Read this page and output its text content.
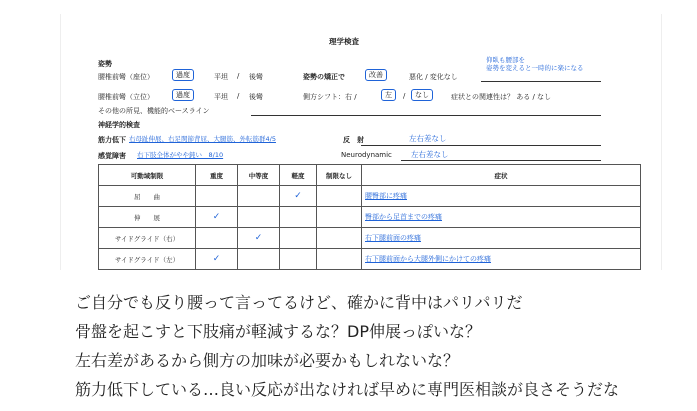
理学検査
姿勢	仰臥も腰部を
姿勢を変えると一時的に楽になる
腰椎前彎（座位）	過度	平坦 / 後彎	姿勢の矯正で	改善	悪化 / 変化なし
腰椎前彎（立位）	過度	平坦 / 後彎	側方シフト：右 /	左	/	なし	症状との関連性は？ ある / なし
その他の所見、機能的ベースライン
神経学的検査
筋力低下 右母趾伸展、右足関節背屈、大腿筋、外転筋群4/5	反　射	左右差なし
感覚障害 右下肢全体がやや鈍い　8/10	Neurodynamic	左右差なし
可動域制限	重度	中等度	軽度	制限なし	症状
屈　　曲			✓		腰臀部に疼痛
伸　　展	✓				臀部から足首までの疼痛
サイドグライド（右）		✓			右下腿前面の疼痛
サイドグライド（左）	✓				右下腿前面から大腿外側にかけての疼痛
ご自分でも反り腰って言ってるけど、確かに背中はパリパリだ
骨盤を起こすと下肢痛が軽減するな？DP伸展っぽいな？
左右差があるから側方の加味が必要かもしれないな？
筋力低下している…良い反応が出なければ早めに専門医相談が良さそうだな
